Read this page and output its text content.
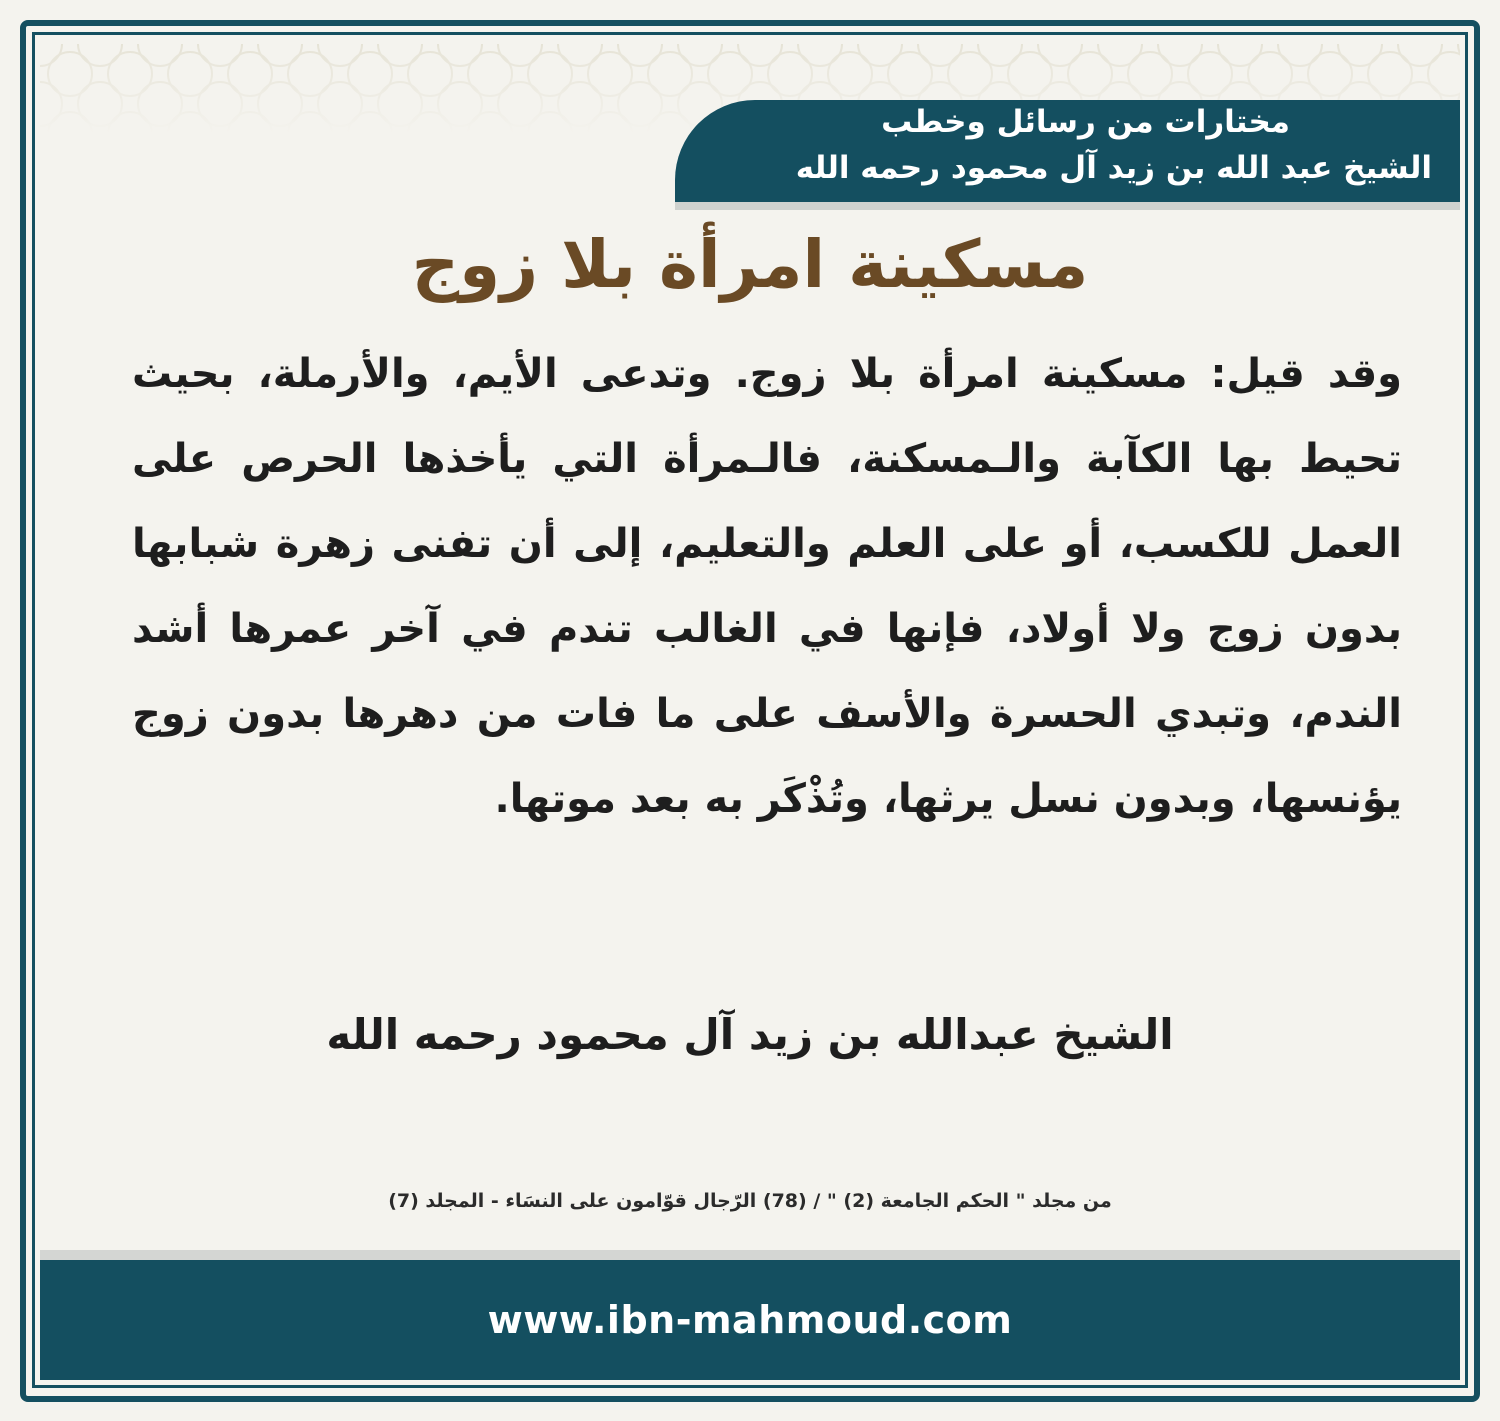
مختارات من رسائل وخطب
الشيخ عبد الله بن زيد آل محمود رحمه الله
مسكينة امرأة بلا زوج
وقد قيل: مسكينة امرأة بلا زوج. وتدعى الأيم، والأرملة، بحيث تحيط بها الكآبة والـمسكنة، فالـمرأة التي يأخذها الحرص على العمل للكسب، أو على العلم والتعليم، إلى أن تفنى زهرة شبابها بدون زوج ولا أولاد، فإنها في الغالب تندم في آخر عمرها أشد الندم، وتبدي الحسرة والأسف على ما فات من دهرها بدون زوج يؤنسها، وبدون نسل يرثها، وتُذْكَر به بعد موتها.
الشيخ عبدالله بن زيد آل محمود رحمه الله
من مجلد " الحكم الجامعة (2) " / (78) الرّجال قوّامون على النسَاء - المجلد (7)
www.ibn-mahmoud.com
